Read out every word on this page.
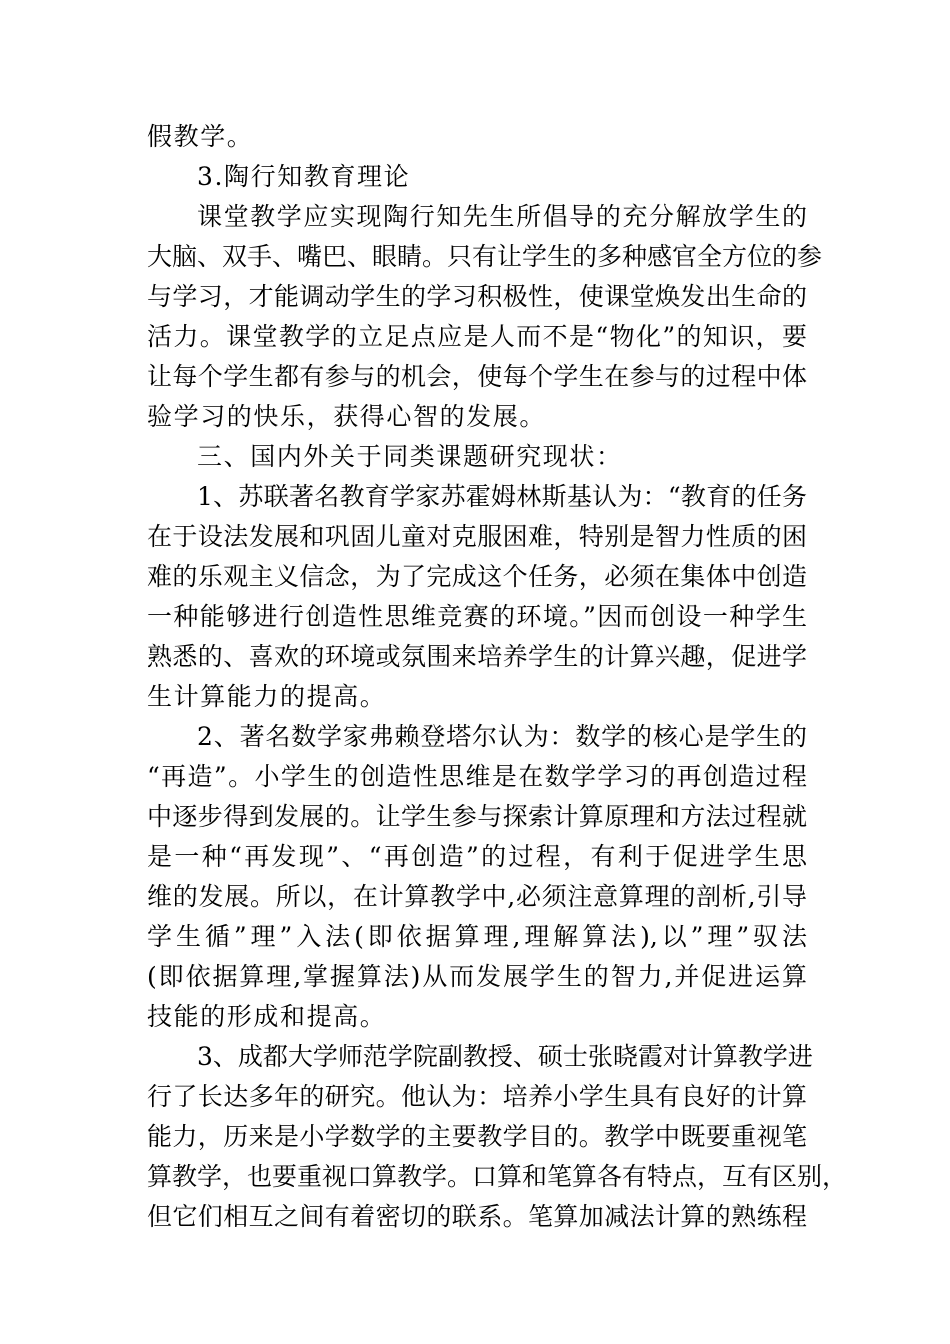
假教学。
3.陶行知教育理论
课堂教学应实现陶行知先生所倡导的充分解放学生的
大脑、双手、嘴巴、眼睛。只有让学生的多种感官全方位的参
与学习，才能调动学生的学习积极性，使课堂焕发出生命的
活力。课堂教学的立足点应是人而不是“物化”的知识，要
让每个学生都有参与的机会，使每个学生在参与的过程中体
验学习的快乐，获得心智的发展。
三、国内外关于同类课题研究现状：
1、苏联著名教育学家苏霍姆林斯基认为：“教育的任务
在于设法发展和巩固儿童对克服困难，特别是智力性质的困
难的乐观主义信念，为了完成这个任务，必须在集体中创造
一种能够进行创造性思维竞赛的环境。”因而创设一种学生
熟悉的、喜欢的环境或氛围来培养学生的计算兴趣，促进学
生计算能力的提高。
2、著名数学家弗赖登塔尔认为：数学的核心是学生的
“再造”。小学生的创造性思维是在数学学习的再创造过程
中逐步得到发展的。让学生参与探索计算原理和方法过程就
是一种“再发现”、“再创造”的过程，有利于促进学生思
维的发展。所以，在计算教学中,必须注意算理的剖析,引导
学生循”理”入法(即依据算理,理解算法),以”理”驭法
(即依据算理,掌握算法)从而发展学生的智力,并促进运算
技能的形成和提高。
3、成都大学师范学院副教授、硕士张晓霞对计算教学进
行了长达多年的研究。他认为：培养小学生具有良好的计算
能力，历来是小学数学的主要教学目的。教学中既要重视笔
算教学，也要重视口算教学。口算和笔算各有特点，互有区别，
但它们相互之间有着密切的联系。笔算加减法计算的熟练程
